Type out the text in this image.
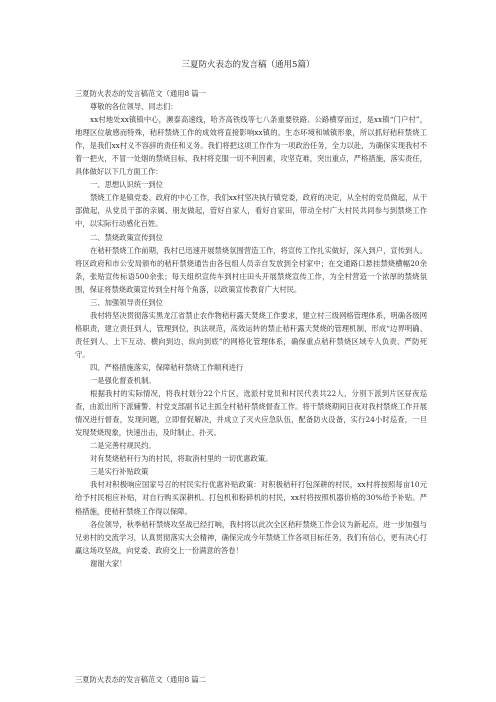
三夏防火表态的发言稿（通用5篇）

三夏防火表态的发言稿范文（通用8 篇一

尊敬的各位领导、同志们：

xx村地处xx镇镇中心，濒泰高速线，哈齐高铁线等七八条重要铁路、公路横穿而过，是xx镇“门户村”，地理区位敏感而特殊，秸秆禁烧工作的成效将直接影响xx镇的。生态环境和城镇形象，所以抓好秸秆禁烧工作，是我们xx村义不容辞的责任和义务。我们将把这项工作作为一项政治任务，全力以赴，为确保实现我村不着一把火，不冒一处烟的禁烧目标，我村将克服一切不利因素，攻坚克难，突出重点，严格措施，落实责任，具体做好以下几方面工作：

一、思想认识统一到位

禁烧工作是镇党委、政府的中心工作，我们xx村坚决执行镇党委，政府的决定，从全村的党员做起，从干部做起，从党员干部的亲属、朋友做起，管好自家人，看好自家田，带动全村广大村民共同参与到禁烧工作中，以实际行动感化百姓。

二、禁烧政策宣传到位

在秸秆禁烧工作前期，我村已迅速开展禁烧氛围营造工作，将宣传工作扎实做好，深入到户，宣传到人。将区政府和市公安局颁布的秸秆禁烧通告由各包组人员亲自发放到全村家中；在交通路口悬挂禁烧横幅20余条，张贴宣传标语500余张；每天组织宣传车到村庄田头开展禁烧宣传工作，为全村营造一个浓厚的禁烧氛围，保证将禁烧政策宣传到全村每个角落，以政策宣传教育广大村民。

三、加强领导责任到位

我村将坚决贯彻落实黑龙江省禁止农作物秸秆露天焚烧工作要求，建立村三级网格管理体系，明确各级网格职责，建立责任到人，管理到位，执法规范，高效运转的禁止秸秆露天焚烧的管理机制，形成“边界明确、责任到人、上下互动、横向到边、纵向到底”的网格化管理体系，确保重点秸秆禁烧区域专人负责、严防死守。

四、严格措施落实，保障秸秆禁烧工作顺利进行

一是强化督查机制。

根据我村的实际情况，将我村划分22个片区，选派村党员和村民代表共22人，分别下派到片区昼夜巡查，由派出所下派辅警、村党支部副书记主抓全村秸秆禁烧督查工作。将干禁烧期间日夜对我村禁烧工作开展情况进行督查，发现问题，立即督促解决，并成立了灭火应急队伍，配备防火设备，实行24小时巡查，一旦发现焚烧现象，快速出击，及时制止、扑灭。

二是完善村规民约。

对有焚烧秸秆行为的村民，将取消村里的一切优惠政策。

三是实行补贴政策

我村对积极响应国家号召的村民实行优惠补贴政策：对积极秸秆打包深耕的村民，xx村将按照每亩10元给予村民相应补贴，对自行购买深耕机、打包机和粉碎机的村民，xx村将按照机器价格的30%给予补贴。严格措施，使秸秆禁烧工作得以保障。

各位领导，秋季秸秆禁烧攻坚战已经打响，我村将以此次全区秸秆禁烧工作会议为新起点，进一步加强与兄弟村的交流学习，认真贯彻落实大会精神，确保完成今年禁烧工作各项目标任务，我们有信心，更有决心打赢这场攻坚战，向党委、政府交上一份满意的答卷！

谢谢大家！

三夏防火表态的发言稿范文（通用8 篇二
